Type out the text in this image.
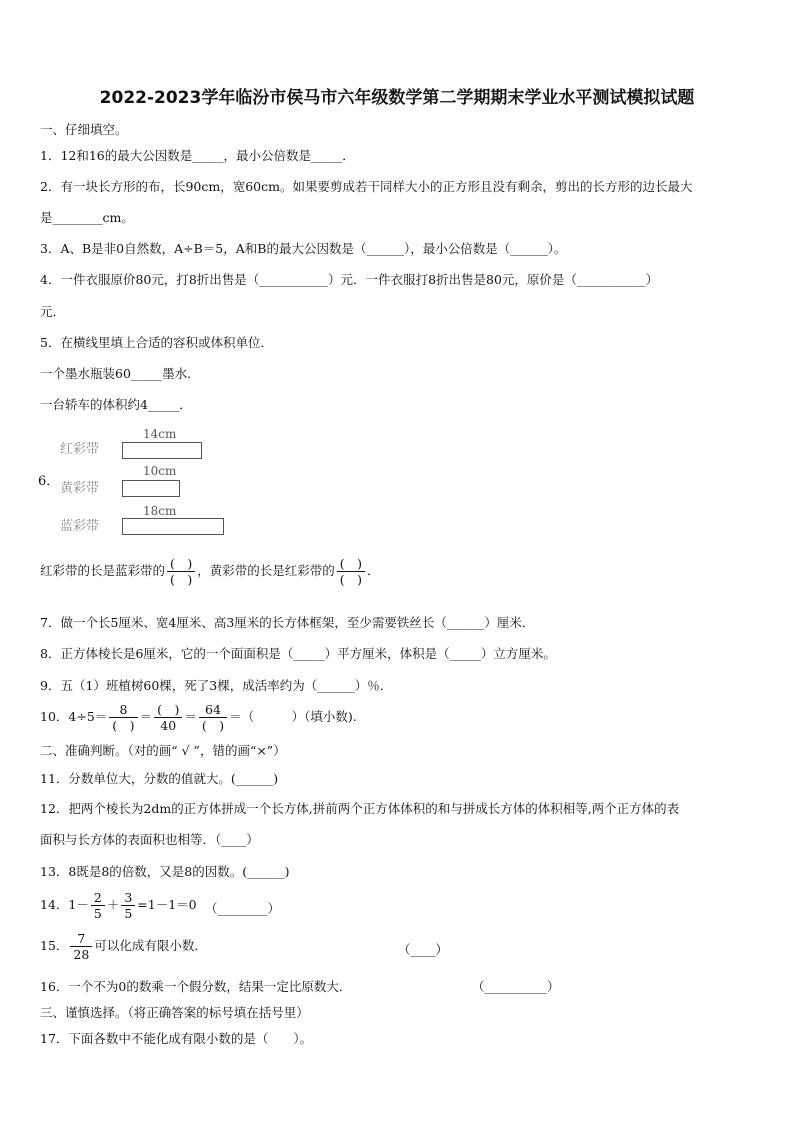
2022-2023学年临汾市侯马市六年级数学第二学期期末学业水平测试模拟试题
一、仔细填空。
1．12和16的最大公因数是_____，最小公倍数是_____．
2．有一块长方形的布，长90cm，宽60cm。如果要剪成若干同样大小的正方形且没有剩余，剪出的长方形的边长最大
是________cm。
3．A、B是非0自然数，A÷B＝5，A和B的最大公因数是（______），最小公倍数是（______）。
4．一件衣服原价80元，打8折出售是（___________）元．一件衣服打8折出售是80元，原价是（___________）
元．
5．在横线里填上合适的容积或体积单位．
一个墨水瓶装60_____墨水．
一台轿车的体积约4_____．
6．
14cm
红彩带
10cm
黄彩带
18cm
蓝彩带
红彩带的长是蓝彩带的 $\frac{( )}{( )}$ ，黄彩带的长是红彩带的 $\frac{( )}{( )}$ ．
7．做一个长5厘米、宽4厘米、高3厘米的长方体框架，至少需要铁丝长（______）厘米．
8．正方体棱长是6厘米，它的一个面面积是（_____）平方厘米，体积是（_____）立方厘米。
9．五（1）班植树60棵，死了3棵，成活率约为（______）％．
10．$4\div 5= \frac{8}{( )} = \frac{( )}{40} = \frac{64}{( )}$ ＝（　　　）（填小数).
二、准确判断。（对的画“ √ ”，错的画“×”）
11．分数单位大，分数的值就大。(______)
12．把两个棱长为2dm的正方体拼成一个长方体,拼前两个正方体体积的和与拼成长方体的体积相等,两个正方体的表
面积与长方体的表面积也相等．（____）
13．8既是8的倍数，又是8的因数。(______)
14．$1- \frac{2}{5} + \frac{3}{5} =1-1=0$ （________）
15． $\frac{7}{28}$ 可以化成有限小数．	（____）
16．一个不为0的数乘一个假分数，结果一定比原数大．	（__________）
三、谨慎选择。（将正确答案的标号填在括号里）
17．下面各数中不能化成有限小数的是（　　）。
